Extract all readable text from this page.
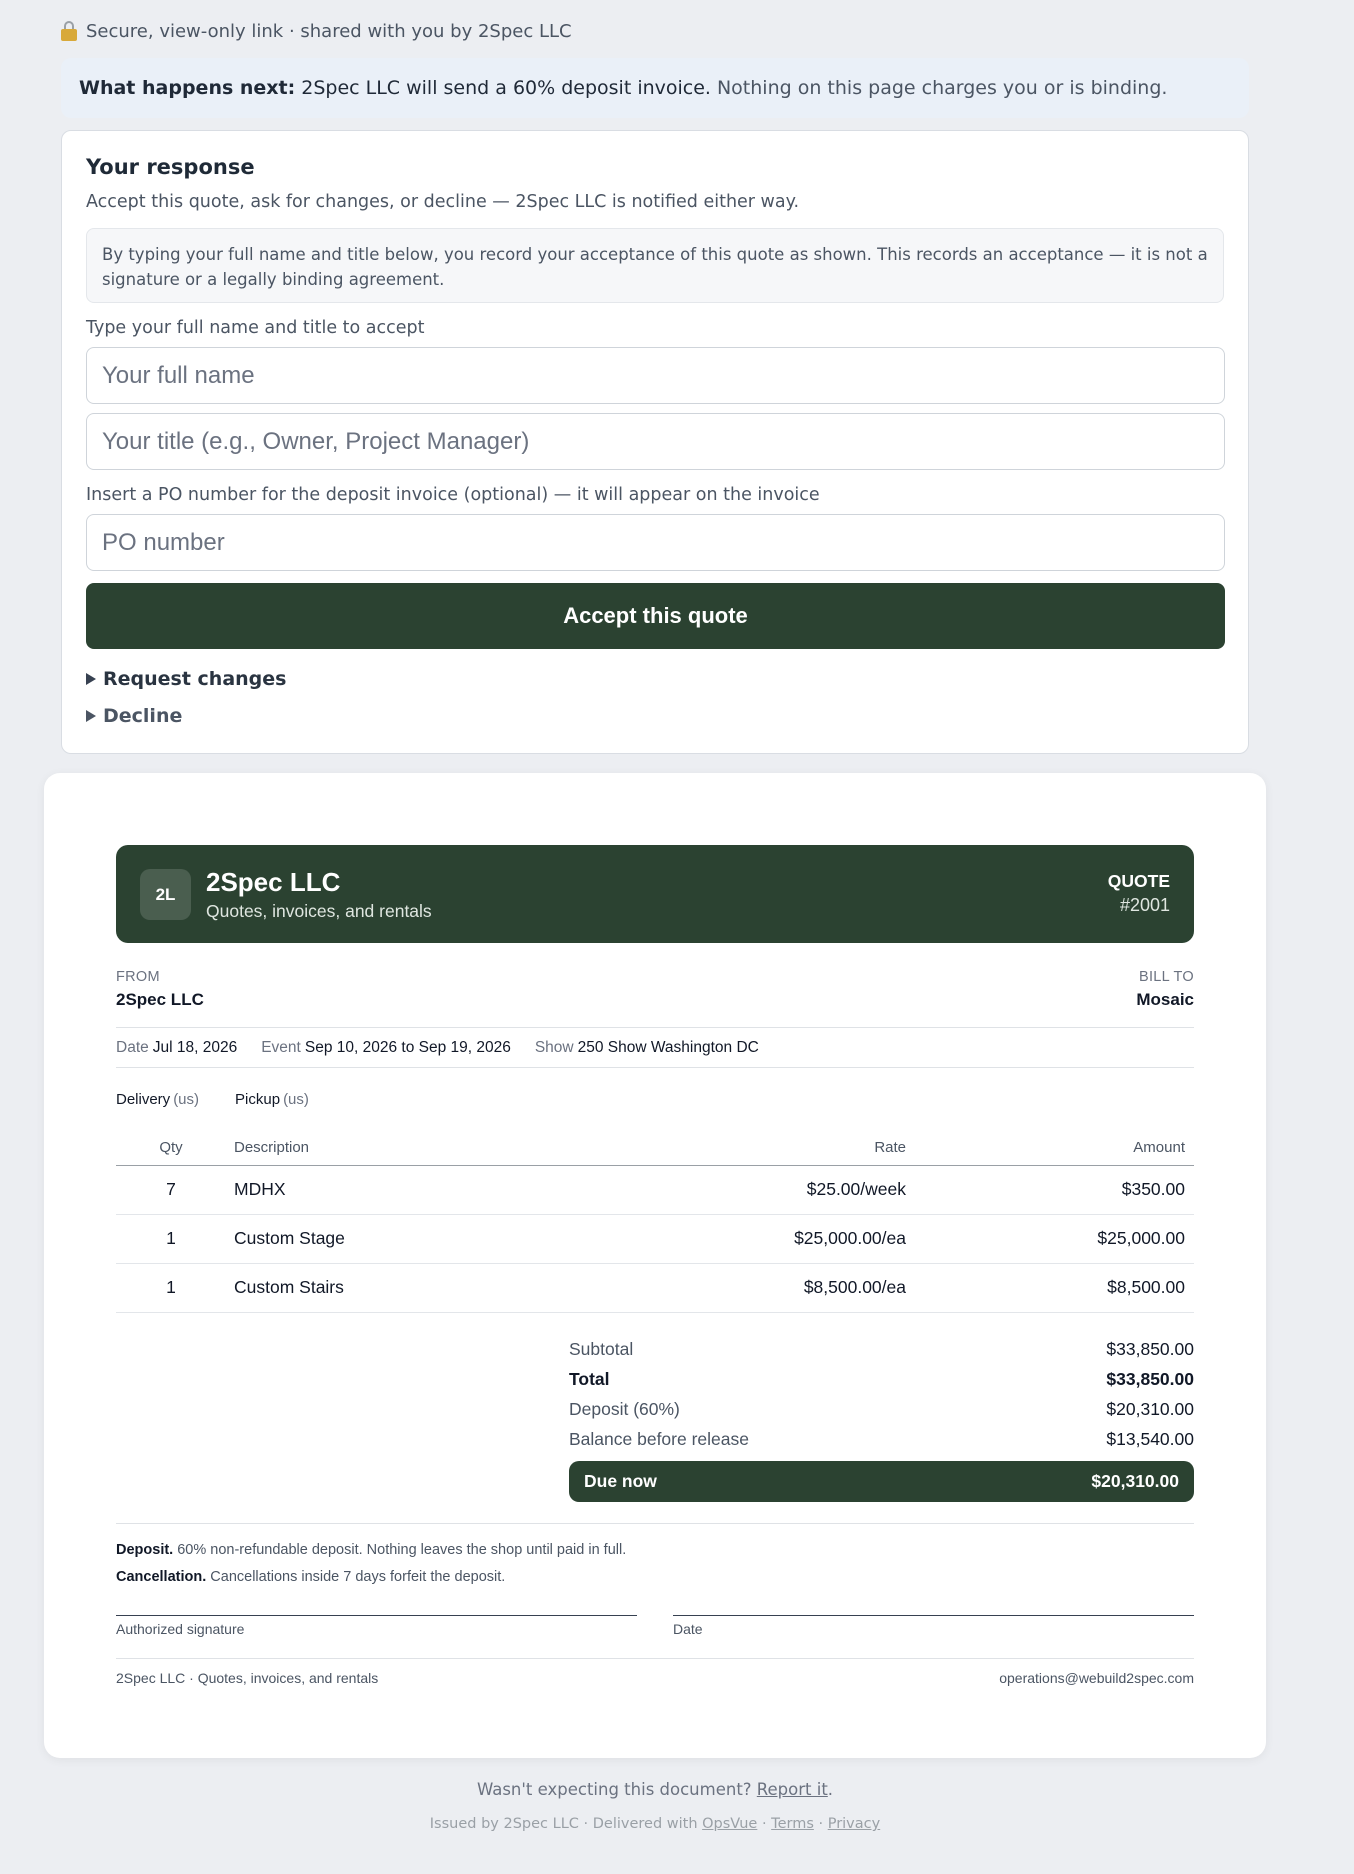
Secure, view-only link · shared with you by 2Spec LLC
What happens next: 2Spec LLC will send a 60% deposit invoice. Nothing on this page charges you or is binding.
Your response
Accept this quote, ask for changes, or decline — 2Spec LLC is notified either way.
By typing your full name and title below, you record your acceptance of this quote as shown. This records an acceptance — it is not a signature or a legally binding agreement.
Type your full name and title to accept
Your full name
Your title (e.g., Owner, Project Manager)
Insert a PO number for the deposit invoice (optional) — it will appear on the invoice
PO number
Accept this quote
Request changes
Decline
2L	2Spec LLC
Quotes, invoices, and rentals
QUOTE
#2001
FROM
2Spec LLC
BILL TO
Mosaic
Date Jul 18, 2026 Event Sep 10, 2026 to Sep 19, 2026 Show 250 Show Washington DC
Delivery (us) Pickup (us)
Qty	Description	Rate	Amount
7	MDHX	$25.00/week	$350.00
1	Custom Stage	$25,000.00/ea	$25,000.00
1	Custom Stairs	$8,500.00/ea	$8,500.00
Subtotal	$33,850.00
Total	$33,850.00
Deposit (60%)	$20,310.00
Balance before release	$13,540.00
Due now	$20,310.00
Deposit. 60% non-refundable deposit. Nothing leaves the shop until paid in full.
Cancellation. Cancellations inside 7 days forfeit the deposit.
Authorized signature	Date
2Spec LLC · Quotes, invoices, and rentals	operations@webuild2spec.com
Wasn't expecting this document? Report it.
Issued by 2Spec LLC · Delivered with OpsVue · Terms · Privacy
